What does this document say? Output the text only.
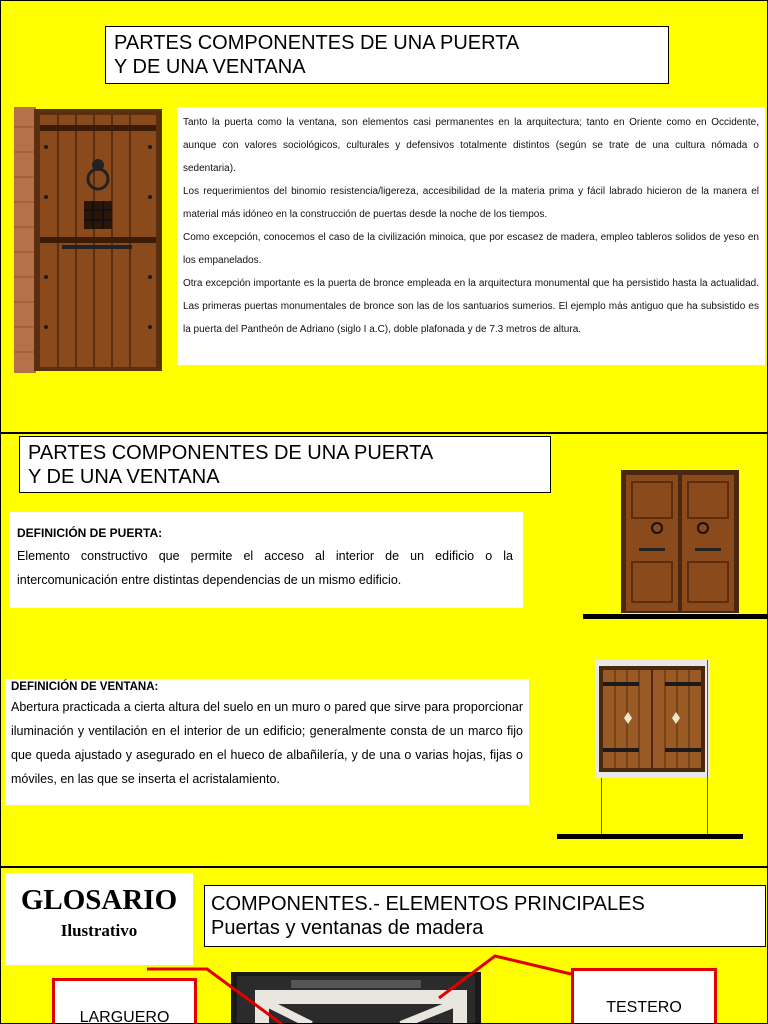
PARTES COMPONENTES DE UNA PUERTA
Y DE UNA VENTANA

Tanto la puerta como la ventana, son elementos casi permanentes en la arquitectura; tanto en Oriente como en Occidente, aunque con valores sociológicos, culturales y defensivos totalmente distintos (según se trate de una cultura nómada o sedentaria).

Los requerimientos del binomio resistencia/ligereza, accesibilidad de la materia prima y fácil labrado hicieron de la manera el material más idóneo en la construcción de puertas desde la noche de los tiempos.

Como excepción, conocemos el caso de la civilización minoica, que por escasez de madera, empleo tableros solidos de yeso en los empanelados.

Otra excepción importante es la puerta de bronce empleada en la arquitectura monumental que ha persistido hasta la actualidad. Las primeras puertas monumentales de bronce son las de los santuarios sumerios. El ejemplo más antiguo que ha subsistido es la puerta del Pantheón de Adriano (siglo I a.C), doble plafonada y de 7.3 metros de altura.

PARTES COMPONENTES DE UNA PUERTA
Y DE UNA VENTANA
DEFINICIÓN DE PUERTA:
Elemento constructivo que permite el acceso al interior de un edificio o la intercomunicación entre distintas dependencias de un mismo edificio.
DEFINICIÓN DE VENTANA:
Abertura practicada a cierta altura del suelo en un muro o pared que sirve para proporcionar iluminación y ventilación en el interior de un edificio; generalmente consta de un marco fijo que queda ajustado y asegurado en el hueco de albañilería, y de una o varias hojas, fijas o móviles, en las que se inserta el acristalamiento.
GLOSARIO
Ilustrativo
COMPONENTES.- ELEMENTOS PRINCIPALES
Puertas y ventanas de madera
LARGUERO
TESTERO
